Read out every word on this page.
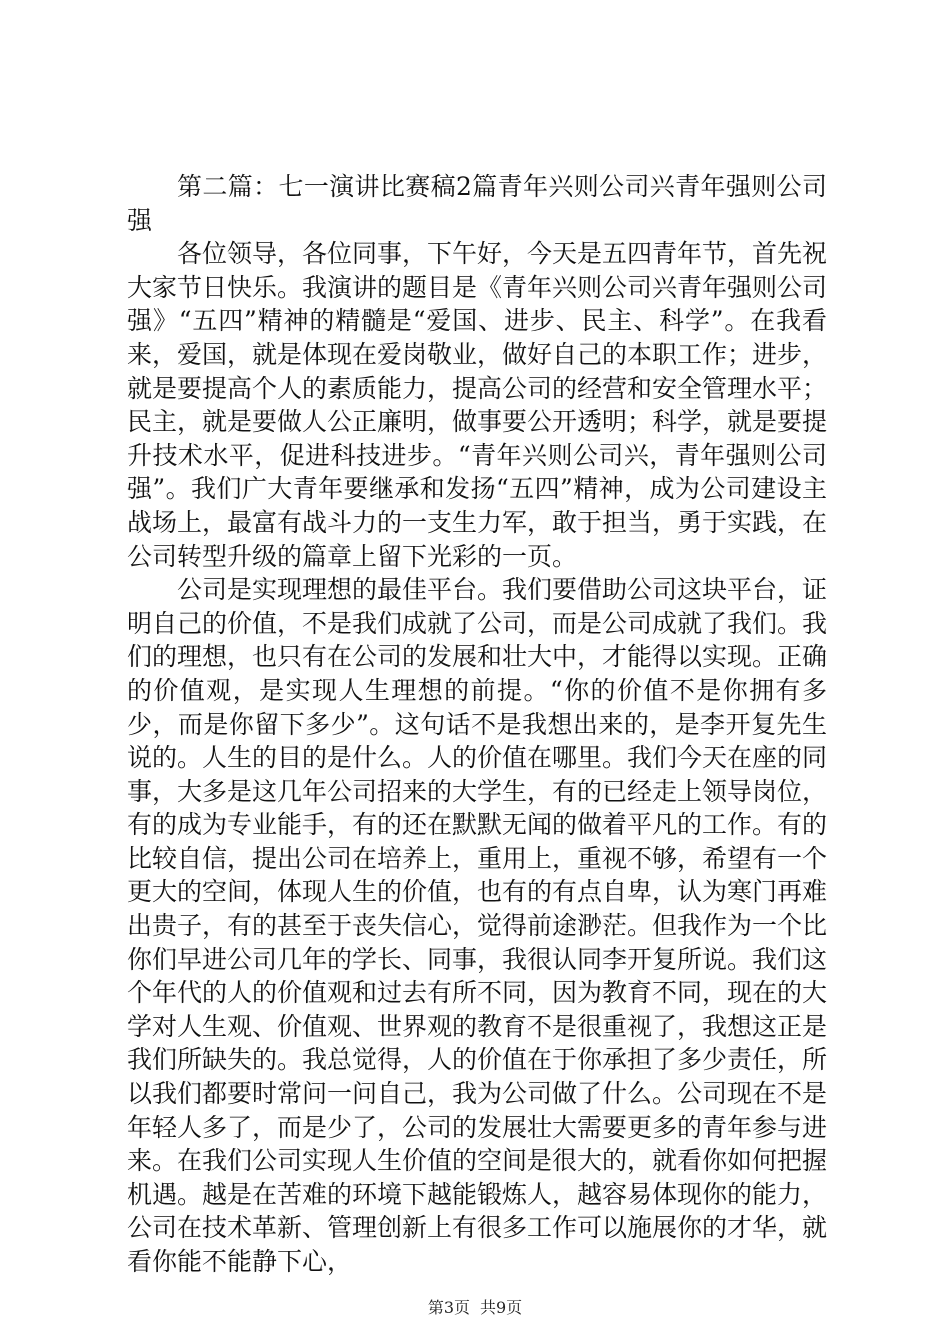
第二篇：七一演讲比赛稿2篇青年兴则公司兴青年强则公司强

各位领导，各位同事，下午好，今天是五四青年节，首先祝大家节日快乐。我演讲的题目是《青年兴则公司兴青年强则公司强》“五四”精神的精髓是“爱国、进步、民主、科学”。在我看来，爱国，就是体现在爱岗敬业，做好自己的本职工作；进步，就是要提高个人的素质能力，提高公司的经营和安全管理水平；民主，就是要做人公正廉明，做事要公开透明；科学，就是要提升技术水平，促进科技进步。“青年兴则公司兴，青年强则公司强”。我们广大青年要继承和发扬“五四”精神，成为公司建设主战场上，最富有战斗力的一支生力军，敢于担当，勇于实践，在公司转型升级的篇章上留下光彩的一页。

公司是实现理想的最佳平台。我们要借助公司这块平台，证明自己的价值，不是我们成就了公司，而是公司成就了我们。我们的理想，也只有在公司的发展和壮大中，才能得以实现。正确的价值观，是实现人生理想的前提。“你的价值不是你拥有多少，而是你留下多少”。这句话不是我想出来的，是李开复先生说的。人生的目的是什么。人的价值在哪里。我们今天在座的同事，大多是这几年公司招来的大学生，有的已经走上领导岗位，有的成为专业能手，有的还在默默无闻的做着平凡的工作。有的比较自信，提出公司在培养上，重用上，重视不够，希望有一个更大的空间，体现人生的价值，也有的有点自卑，认为寒门再难出贵子，有的甚至于丧失信心，觉得前途渺茫。但我作为一个比你们早进公司几年的学长、同事，我很认同李开复所说。我们这个年代的人的价值观和过去有所不同，因为教育不同，现在的大学对人生观、价值观、世界观的教育不是很重视了，我想这正是我们所缺失的。我总觉得，人的价值在于你承担了多少责任，所以我们都要时常问一问自己，我为公司做了什么。公司现在不是年轻人多了，而是少了，公司的发展壮大需要更多的青年参与进来。在我们公司实现人生价值的空间是很大的，就看你如何把握机遇。越是在苦难的环境下越能锻炼人，越容易体现你的能力，公司在技术革新、管理创新上有很多工作可以施展你的才华，就看你能不能静下心，

第3页 共9页
